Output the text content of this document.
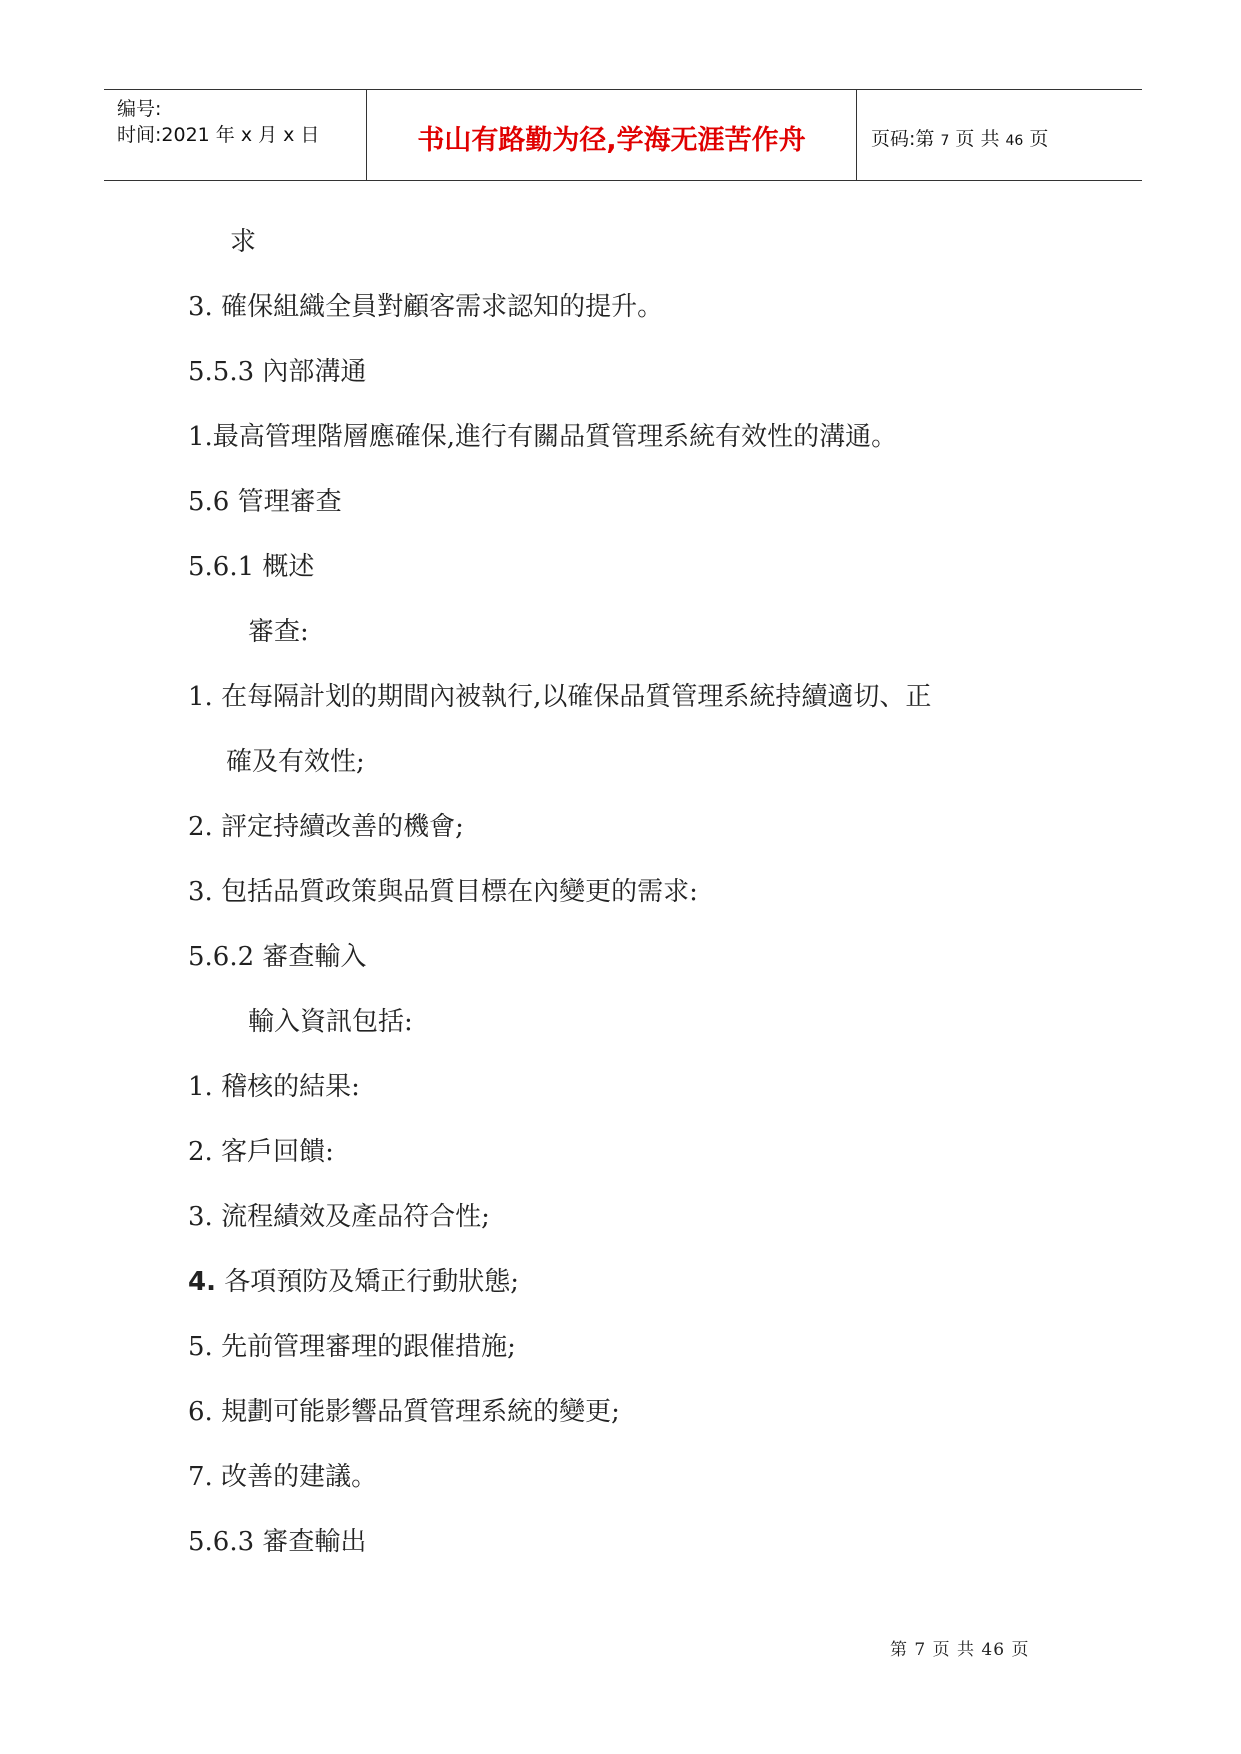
编号:
时间:2021 年 x 月 x 日	书山有路勤为径,学海无涯苦作舟	页码:第 7 页 共 46 页
求
3. 確保組織全員對顧客需求認知的提升。
5.5.3 內部溝通
1.最高管理階層應確保,進行有關品質管理系統有效性的溝通。
5.6 管理審查
5.6.1 概述
審查:
1. 在每隔計划的期間內被執行,以確保品質管理系統持續適切、正
確及有效性;
2. 評定持續改善的機會;
3. 包括品質政策與品質目標在內變更的需求:
5.6.2 審查輸入
輸入資訊包括:
1. 稽核的結果:
2. 客戶回饋:
3. 流程績效及產品符合性;
4. 各項預防及矯正行動狀態;
5. 先前管理審理的跟催措施;
6. 規劃可能影響品質管理系統的變更;
7. 改善的建議。
5.6.3 審查輸出
第 7 页 共 46 页
